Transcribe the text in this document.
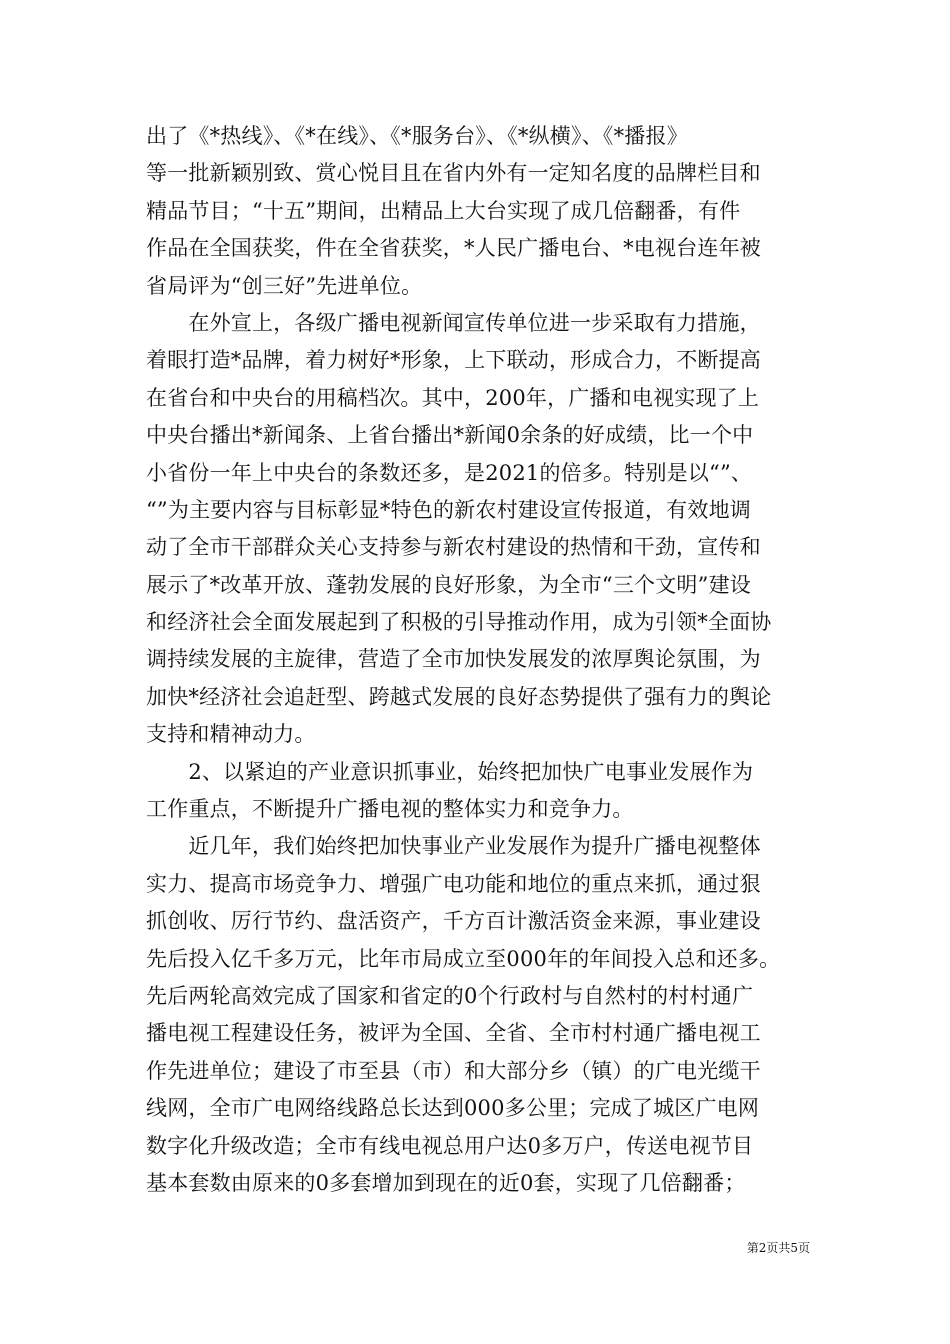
出了《*热线》、《*在线》、《*服务台》、《*纵横》、《*播报》
等一批新颖别致、赏心悦目且在省内外有一定知名度的品牌栏目和
精品节目；“十五”期间，出精品上大台实现了成几倍翻番，有件
作品在全国获奖，件在全省获奖，*人民广播电台、*电视台连年被
省局评为“创三好”先进单位。
　　在外宣上，各级广播电视新闻宣传单位进一步采取有力措施，
着眼打造*品牌，着力树好*形象，上下联动，形成合力，不断提高
在省台和中央台的用稿档次。其中，200年，广播和电视实现了上
中央台播出*新闻条、上省台播出*新闻0余条的好成绩，比一个中
小省份一年上中央台的条数还多，是2021的倍多。特别是以“”、
“”为主要内容与目标彰显*特色的新农村建设宣传报道，有效地调
动了全市干部群众关心支持参与新农村建设的热情和干劲，宣传和
展示了*改革开放、蓬勃发展的良好形象，为全市“三个文明”建设
和经济社会全面发展起到了积极的引导推动作用，成为引领*全面协
调持续发展的主旋律，营造了全市加快发展发的浓厚舆论氛围，为
加快*经济社会追赶型、跨越式发展的良好态势提供了强有力的舆论
支持和精神动力。
　　2、以紧迫的产业意识抓事业，始终把加快广电事业发展作为
工作重点，不断提升广播电视的整体实力和竞争力。
　　近几年，我们始终把加快事业产业发展作为提升广播电视整体
实力、提高市场竞争力、增强广电功能和地位的重点来抓，通过狠
抓创收、厉行节约、盘活资产，千方百计激活资金来源，事业建设
先后投入亿千多万元，比年市局成立至000年的年间投入总和还多。
先后两轮高效完成了国家和省定的0个行政村与自然村的村村通广
播电视工程建设任务，被评为全国、全省、全市村村通广播电视工
作先进单位；建设了市至县（市）和大部分乡（镇）的广电光缆干
线网，全市广电网络线路总长达到000多公里；完成了城区广电网
数字化升级改造；全市有线电视总用户达0多万户，传送电视节目
基本套数由原来的0多套增加到现在的近0套，实现了几倍翻番；
第2页共5页
